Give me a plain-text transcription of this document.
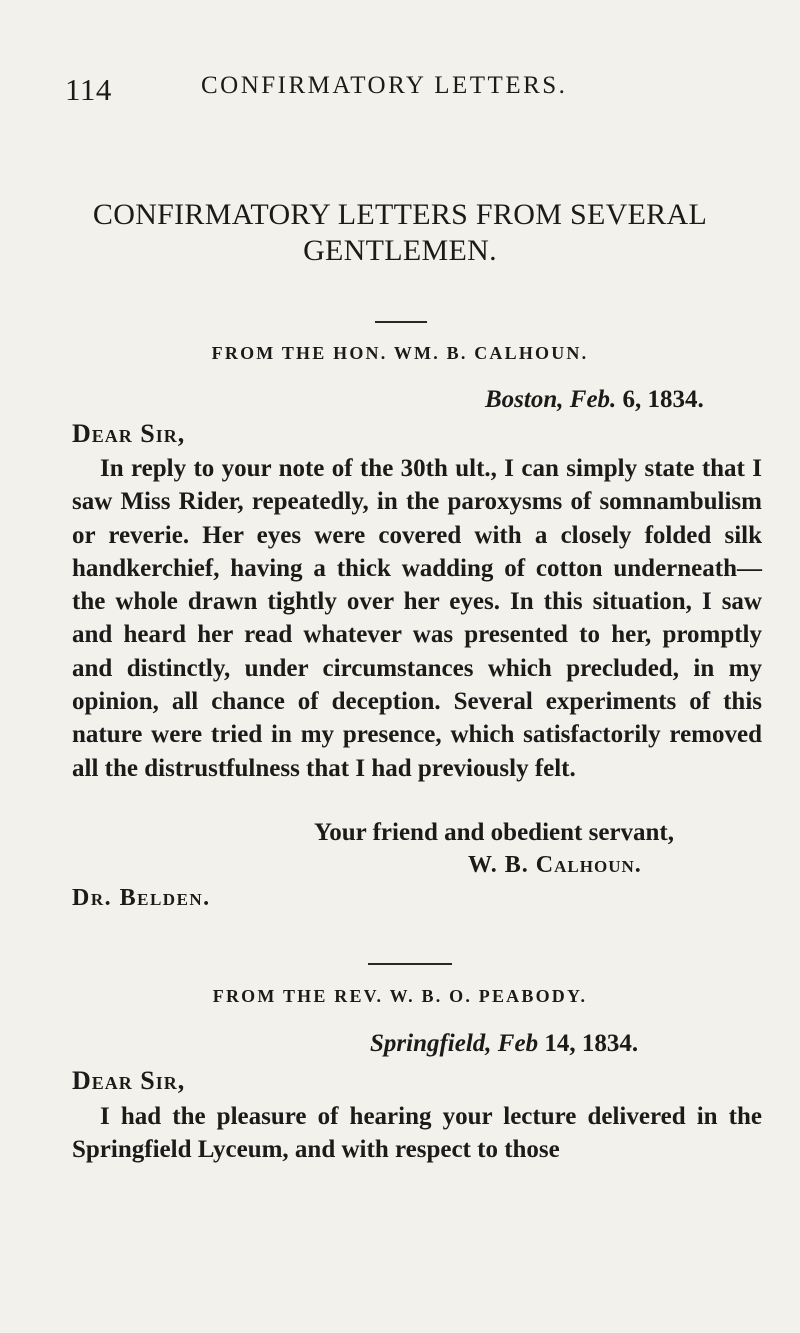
114	CONFIRMATORY LETTERS.
CONFIRMATORY LETTERS FROM SEVERAL
GENTLEMEN.
FROM THE HON. WM. B. CALHOUN.
Boston, Feb. 6, 1834.
Dear Sir,
In reply to your note of the 30th ult., I can simply state that I saw Miss Rider, repeatedly, in the paroxysms of somnambulism or reverie. Her eyes were covered with a closely folded silk handkerchief, having a thick wadding of cotton underneath—the whole drawn tightly over her eyes. In this situation, I saw and heard her read whatever was presented to her, promptly and distinctly, under circumstances which precluded, in my opinion, all chance of deception. Several experiments of this nature were tried in my presence, which satisfactorily removed all the distrustfulness that I had previously felt.
Your friend and obedient servant,
W. B. Calhoun.
Dr. Belden.
FROM THE REV. W. B. O. PEABODY.
Springfield, Feb 14, 1834.
Dear Sir,
I had the pleasure of hearing your lecture delivered in the Springfield Lyceum, and with respect to those
